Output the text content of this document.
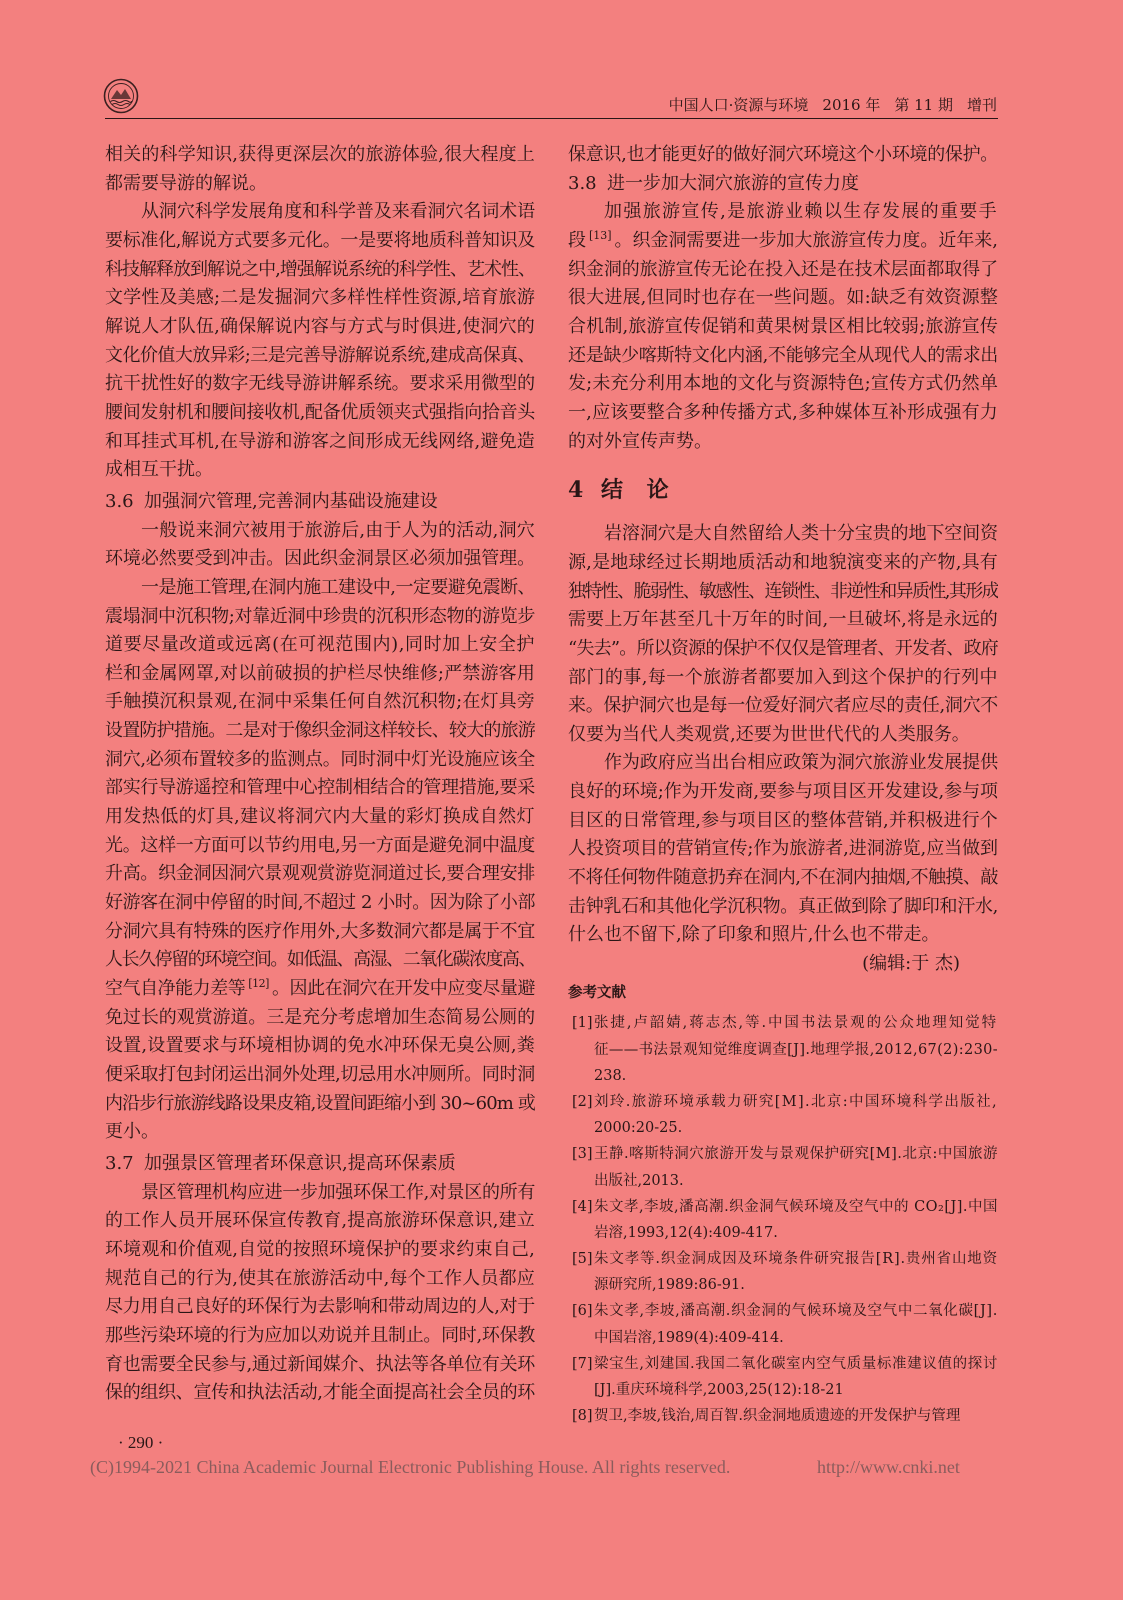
中国人口·资源与环境 2016 年 第 11 期 增刊
相关的科学知识,获得更深层次的旅游体验,很大程度上
都需要导游的解说。
从洞穴科学发展角度和科学普及来看洞穴名词术语
要标准化,解说方式要多元化。一是要将地质科普知识及
科技解释放到解说之中,增强解说系统的科学性、艺术性、
文学性及美感;二是发掘洞穴多样性样性资源,培育旅游
解说人才队伍,确保解说内容与方式与时俱进,使洞穴的
文化价值大放异彩;三是完善导游解说系统,建成高保真、
抗干扰性好的数字无线导游讲解系统。要求采用微型的
腰间发射机和腰间接收机,配备优质领夹式强指向拾音头
和耳挂式耳机,在导游和游客之间形成无线网络,避免造
成相互干扰。
3.6 加强洞穴管理,完善洞内基础设施建设
一般说来洞穴被用于旅游后,由于人为的活动,洞穴
环境必然要受到冲击。因此织金洞景区必须加强管理。
一是施工管理,在洞内施工建设中,一定要避免震断、
震塌洞中沉积物;对靠近洞中珍贵的沉积形态物的游览步
道要尽量改道或远离(在可视范围内),同时加上安全护
栏和金属网罩,对以前破损的护栏尽快维修;严禁游客用
手触摸沉积景观,在洞中采集任何自然沉积物;在灯具旁
设置防护措施。二是对于像织金洞这样较长、较大的旅游
洞穴,必须布置较多的监测点。同时洞中灯光设施应该全
部实行导游遥控和管理中心控制相结合的管理措施,要采
用发热低的灯具,建议将洞穴内大量的彩灯换成自然灯
光。这样一方面可以节约用电,另一方面是避免洞中温度
升高。织金洞因洞穴景观观赏游览洞道过长,要合理安排
好游客在洞中停留的时间,不超过 2 小时。因为除了小部
分洞穴具有特殊的医疗作用外,大多数洞穴都是属于不宜
人长久停留的环境空间。如低温、高湿、二氧化碳浓度高、
空气自净能力差等 [12] 。因此在洞穴在开发中应变尽量避
免过长的观赏游道。三是充分考虑增加生态简易公厕的
设置,设置要求与环境相协调的免水冲环保无臭公厕,粪
便采取打包封闭运出洞外处理,切忌用水冲厕所。同时洞
内沿步行旅游线路设果皮箱,设置间距缩小到 30~60m 或
更小。
3.7 加强景区管理者环保意识,提高环保素质
景区管理机构应进一步加强环保工作,对景区的所有
的工作人员开展环保宣传教育,提高旅游环保意识,建立
环境观和价值观,自觉的按照环境保护的要求约束自己,
规范自己的行为,使其在旅游活动中,每个工作人员都应
尽力用自己良好的环保行为去影响和带动周边的人,对于
那些污染环境的行为应加以劝说并且制止。同时,环保教
育也需要全民参与,通过新闻媒介、执法等各单位有关环
保的组织、宣传和执法活动,才能全面提高社会全员的环
保意识,也才能更好的做好洞穴环境这个小环境的保护。
3.8 进一步加大洞穴旅游的宣传力度
加强旅游宣传,是旅游业赖以生存发展的重要手
段 [13] 。织金洞需要进一步加大旅游宣传力度。近年来,
织金洞的旅游宣传无论在投入还是在技术层面都取得了
很大进展,但同时也存在一些问题。如:缺乏有效资源整
合机制,旅游宣传促销和黄果树景区相比较弱;旅游宣传
还是缺少喀斯特文化内涵,不能够完全从现代人的需求出
发;未充分利用本地的文化与资源特色;宣传方式仍然单
一,应该要整合多种传播方式,多种媒体互补形成强有力
的对外宣传声势。
4 结 论
岩溶洞穴是大自然留给人类十分宝贵的地下空间资
源,是地球经过长期地质活动和地貌演变来的产物,具有
独特性、脆弱性、敏感性、连锁性、非逆性和异质性,其形成
需要上万年甚至几十万年的时间,一旦破坏,将是永远的
“失去”。所以资源的保护不仅仅是管理者、开发者、政府
部门的事,每一个旅游者都要加入到这个保护的行列中
来。保护洞穴也是每一位爱好洞穴者应尽的责任,洞穴不
仅要为当代人类观赏,还要为世世代代的人类服务。
作为政府应当出台相应政策为洞穴旅游业发展提供
良好的环境;作为开发商,要参与项目区开发建设,参与项
目区的日常管理,参与项目区的整体营销,并积极进行个
人投资项目的营销宣传;作为旅游者,进洞游览,应当做到
不将任何物件随意扔弃在洞内,不在洞内抽烟,不触摸、敲
击钟乳石和其他化学沉积物。真正做到除了脚印和汗水,
什么也不留下,除了印象和照片,什么也不带走。
(编辑:于 杰)
参考文献
[1] 张捷,卢韶婧,蒋志杰,等.中国书法景观的公众地理知觉特
征——书法景观知觉维度调查[J].地理学报,2012,67(2):230-
238.
[2] 刘玲.旅游环境承载力研究[M].北京:中国环境科学出版社,
2000:20-25.
[3] 王静.喀斯特洞穴旅游开发与景观保护研究[M].北京:中国旅游
出版社,2013.
[4] 朱文孝,李坡,潘高潮.织金洞气候环境及空气中的 CO₂[J].中国
岩溶,1993,12(4):409-417.
[5] 朱文孝等.织金洞成因及环境条件研究报告[R].贵州省山地资
源研究所,1989:86-91.
[6] 朱文孝,李坡,潘高潮.织金洞的气候环境及空气中二氧化碳[J].
中国岩溶,1989(4):409-414.
[7] 梁宝生,刘建国.我国二氧化碳室内空气质量标准建议值的探讨
[J].重庆环境科学,2003,25(12):18-21
[8] 贺卫,李坡,钱治,周百智.织金洞地质遗迹的开发保护与管理
· 290 ·
(C)1994-2021 China Academic Journal Electronic Publishing House. All rights reserved.	http://www.cnki.net
